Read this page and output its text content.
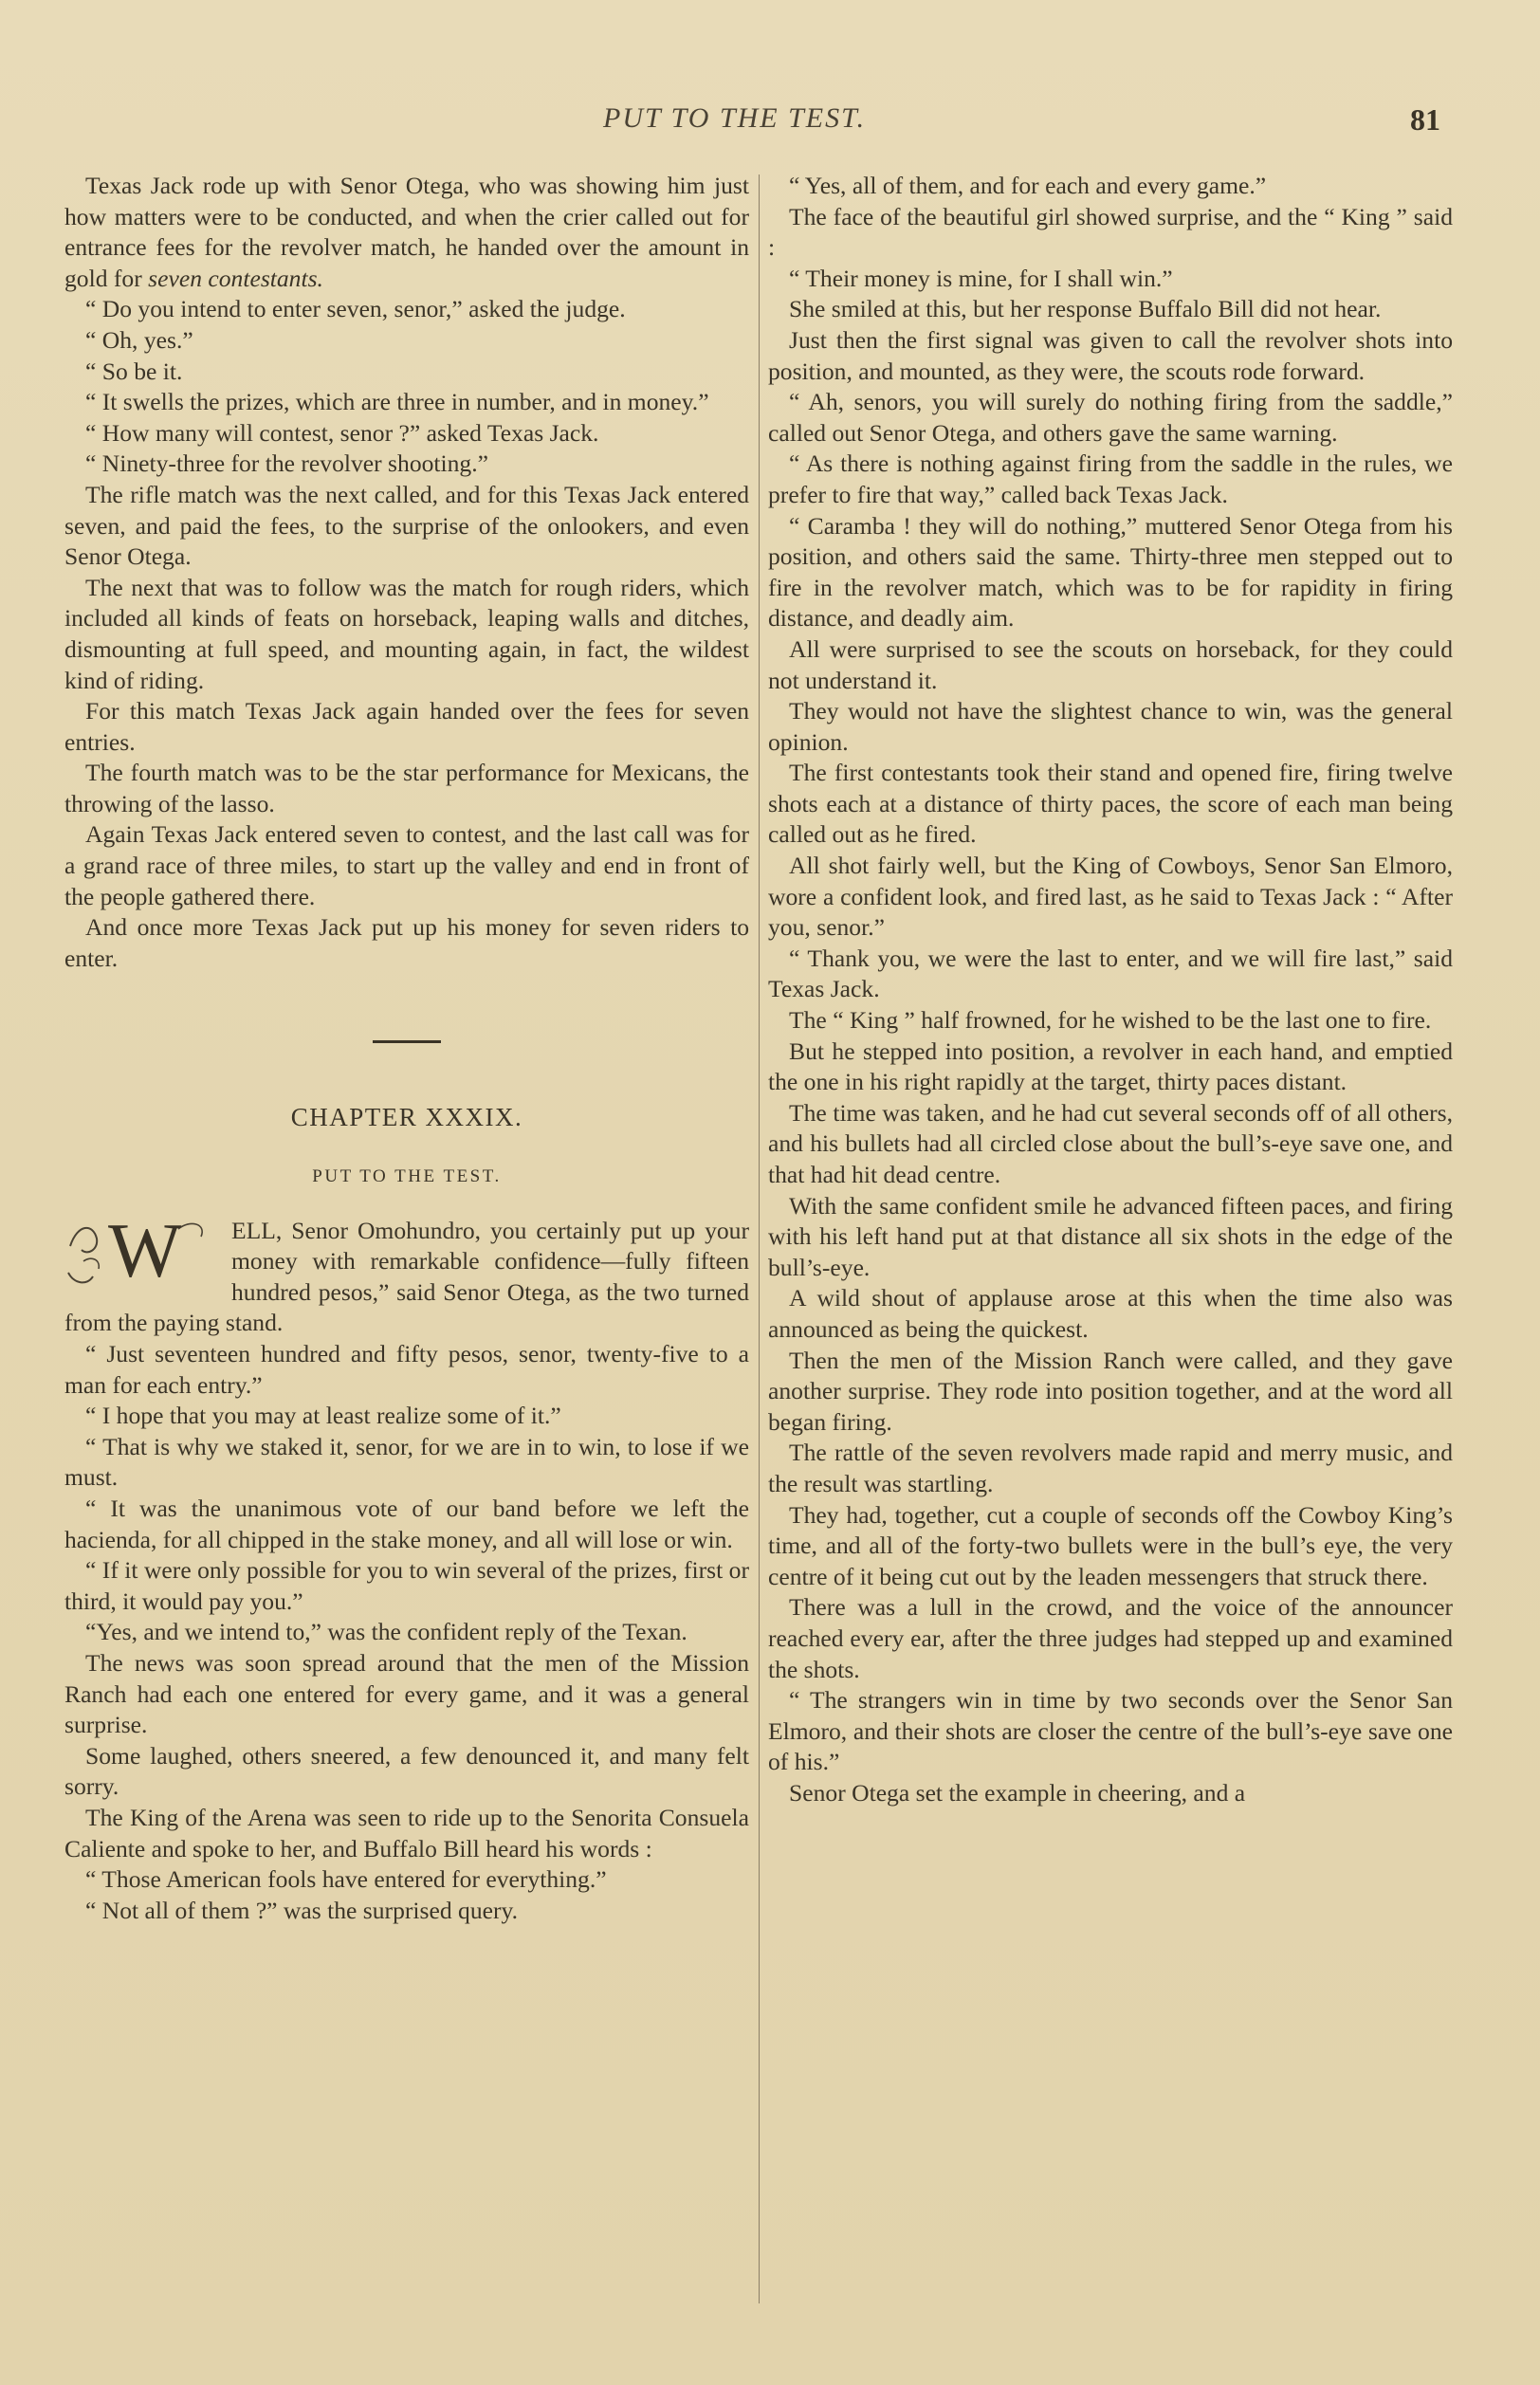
PUT TO THE TEST.	81

Texas Jack rode up with Senor Otega, who was showing him just how matters were to be conducted, and when the crier called out for entrance fees for the revolver match, he handed over the amount in gold for seven contestants.

“ Do you intend to enter seven, senor,” asked the judge.

“ Oh, yes.”

“ So be it.

“ It swells the prizes, which are three in number, and in money.”

“ How many will contest, senor ?” asked Texas Jack.

“ Ninety-three for the revolver shooting.”

The rifle match was the next called, and for this Texas Jack entered seven, and paid the fees, to the surprise of the onlookers, and even Senor Otega.

The next that was to follow was the match for rough riders, which included all kinds of feats on horseback, leaping walls and ditches, dismounting at full speed, and mounting again, in fact, the wildest kind of riding.

For this match Texas Jack again handed over the fees for seven entries.

The fourth match was to be the star performance for Mexicans, the throwing of the lasso.

Again Texas Jack entered seven to contest, and the last call was for a grand race of three miles, to start up the valley and end in front of the people gathered there.

And once more Texas Jack put up his money for seven riders to enter.

CHAPTER XXXIX.
PUT TO THE TEST.
W	ELL, Senor Omohundro, you certainly put up your money with remarkable confidence—fully fifteen hundred pesos,” said Senor Otega, as the two turned from the paying stand.

“ Just seventeen hundred and fifty pesos, senor, twenty-five to a man for each entry.”

“ I hope that you may at least realize some of it.”

“ That is why we staked it, senor, for we are in to win, to lose if we must.

“ It was the unanimous vote of our band before we left the hacienda, for all chipped in the stake money, and all will lose or win.

“ If it were only possible for you to win several of the prizes, first or third, it would pay you.”

“Yes, and we intend to,” was the confident reply of the Texan.

The news was soon spread around that the men of the Mission Ranch had each one entered for every game, and it was a general surprise.

Some laughed, others sneered, a few denounced it, and many felt sorry.

The King of the Arena was seen to ride up to the Senorita Consuela Caliente and spoke to her, and Buffalo Bill heard his words :

“ Those American fools have entered for everything.”

“ Not all of them ?” was the surprised query.

“ Yes, all of them, and for each and every game.”

The face of the beautiful girl showed surprise, and the “ King ” said :

“ Their money is mine, for I shall win.”

She smiled at this, but her response Buffalo Bill did not hear.

Just then the first signal was given to call the revolver shots into position, and mounted, as they were, the scouts rode forward.

“ Ah, senors, you will surely do nothing firing from the saddle,” called out Senor Otega, and others gave the same warning.

“ As there is nothing against firing from the saddle in the rules, we prefer to fire that way,” called back Texas Jack.

“ Caramba ! they will do nothing,” muttered Senor Otega from his position, and others said the same. Thirty-three men stepped out to fire in the revolver match, which was to be for rapidity in firing distance, and deadly aim.

All were surprised to see the scouts on horseback, for they could not understand it.

They would not have the slightest chance to win, was the general opinion.

The first contestants took their stand and opened fire, firing twelve shots each at a distance of thirty paces, the score of each man being called out as he fired.

All shot fairly well, but the King of Cowboys, Senor San Elmoro, wore a confident look, and fired last, as he said to Texas Jack : “ After you, senor.”

“ Thank you, we were the last to enter, and we will fire last,” said Texas Jack.

The “ King ” half frowned, for he wished to be the last one to fire.

But he stepped into position, a revolver in each hand, and emptied the one in his right rapidly at the target, thirty paces distant.

The time was taken, and he had cut several seconds off of all others, and his bullets had all circled close about the bull’s-eye save one, and that had hit dead centre.

With the same confident smile he advanced fifteen paces, and firing with his left hand put at that distance all six shots in the edge of the bull’s-eye.

A wild shout of applause arose at this when the time also was announced as being the quickest.

Then the men of the Mission Ranch were called, and they gave another surprise. They rode into position together, and at the word all began firing.

The rattle of the seven revolvers made rapid and merry music, and the result was startling.

They had, together, cut a couple of seconds off the Cowboy King’s time, and all of the forty-two bullets were in the bull’s eye, the very centre of it being cut out by the leaden messengers that struck there.

There was a lull in the crowd, and the voice of the announcer reached every ear, after the three judges had stepped up and examined the shots.

“ The strangers win in time by two seconds over the Senor San Elmoro, and their shots are closer the centre of the bull’s-eye save one of his.”

Senor Otega set the example in cheering, and a
